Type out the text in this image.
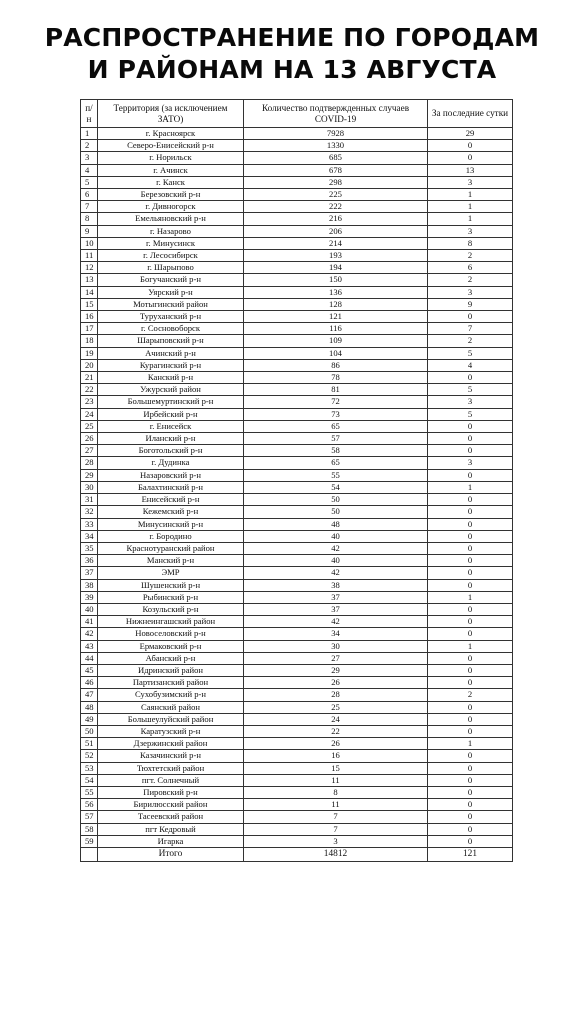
РАСПРОСТРАНЕНИЕ ПО ГОРОДАМ
И РАЙОНАМ НА 13 АВГУСТА
п/н	Территория (за исключением ЗАТО)	Количество подтвержденных случаев COVID-19	За последние сутки
1	г. Красноярск	7928	29
2	Северо-Енисейский р-н	1330	0
3	г. Норильск	685	0
4	г. Ачинск	678	13
5	г. Канск	298	3
6	Березовский р-н	225	1
7	г. Дивногорск	222	1
8	Емельяновский р-н	216	1
9	г. Назарово	206	3
10	г. Минусинск	214	8
11	г. Лесосибирск	193	2
12	г. Шарыпово	194	6
13	Богучанский р-н	150	2
14	Уярский р-н	136	3
15	Мотыгинский район	128	9
16	Туруханский р-н	121	0
17	г. Сосновоборск	116	7
18	Шарыповский р-н	109	2
19	Ачинский р-н	104	5
20	Курагинский р-н	86	4
21	Канский р-н	78	0
22	Ужурский район	81	5
23	Большемуртинский р-н	72	3
24	Ирбейский р-н	73	5
25	г. Енисейск	65	0
26	Иланский р-н	57	0
27	Боготольский р-н	58	0
28	г. Дудинка	65	3
29	Назаровский р-н	55	0
30	Балахтинский р-н	54	1
31	Енисейский р-н	50	0
32	Кежемский р-н	50	0
33	Минусинский р-н	48	0
34	г. Бородино	40	0
35	Краснотуранский район	42	0
36	Манский р-н	40	0
37	ЭМР	42	0
38	Шушенский р-н	38	0
39	Рыбинский р-н	37	1
40	Козульский р-н	37	0
41	Нижнеингашский район	42	0
42	Новоселовский р-н	34	0
43	Ермаковский р-н	30	1
44	Абанский р-н	27	0
45	Идринский район	29	0
46	Партизанский район	26	0
47	Сухобузимский р-н	28	2
48	Саянский район	25	0
49	Большеулуйский район	24	0
50	Каратузский р-н	22	0
51	Дзержинский район	26	1
52	Казачинский р-н	16	0
53	Тюхтетский район	15	0
54	пгт. Солнечный	11	0
55	Пировский р-н	8	0
56	Бирилюсский район	11	0
57	Тасеевский район	7	0
58	пгт Кедровый	7	0
59	Игарка	3	0
	Итого	14812	121
